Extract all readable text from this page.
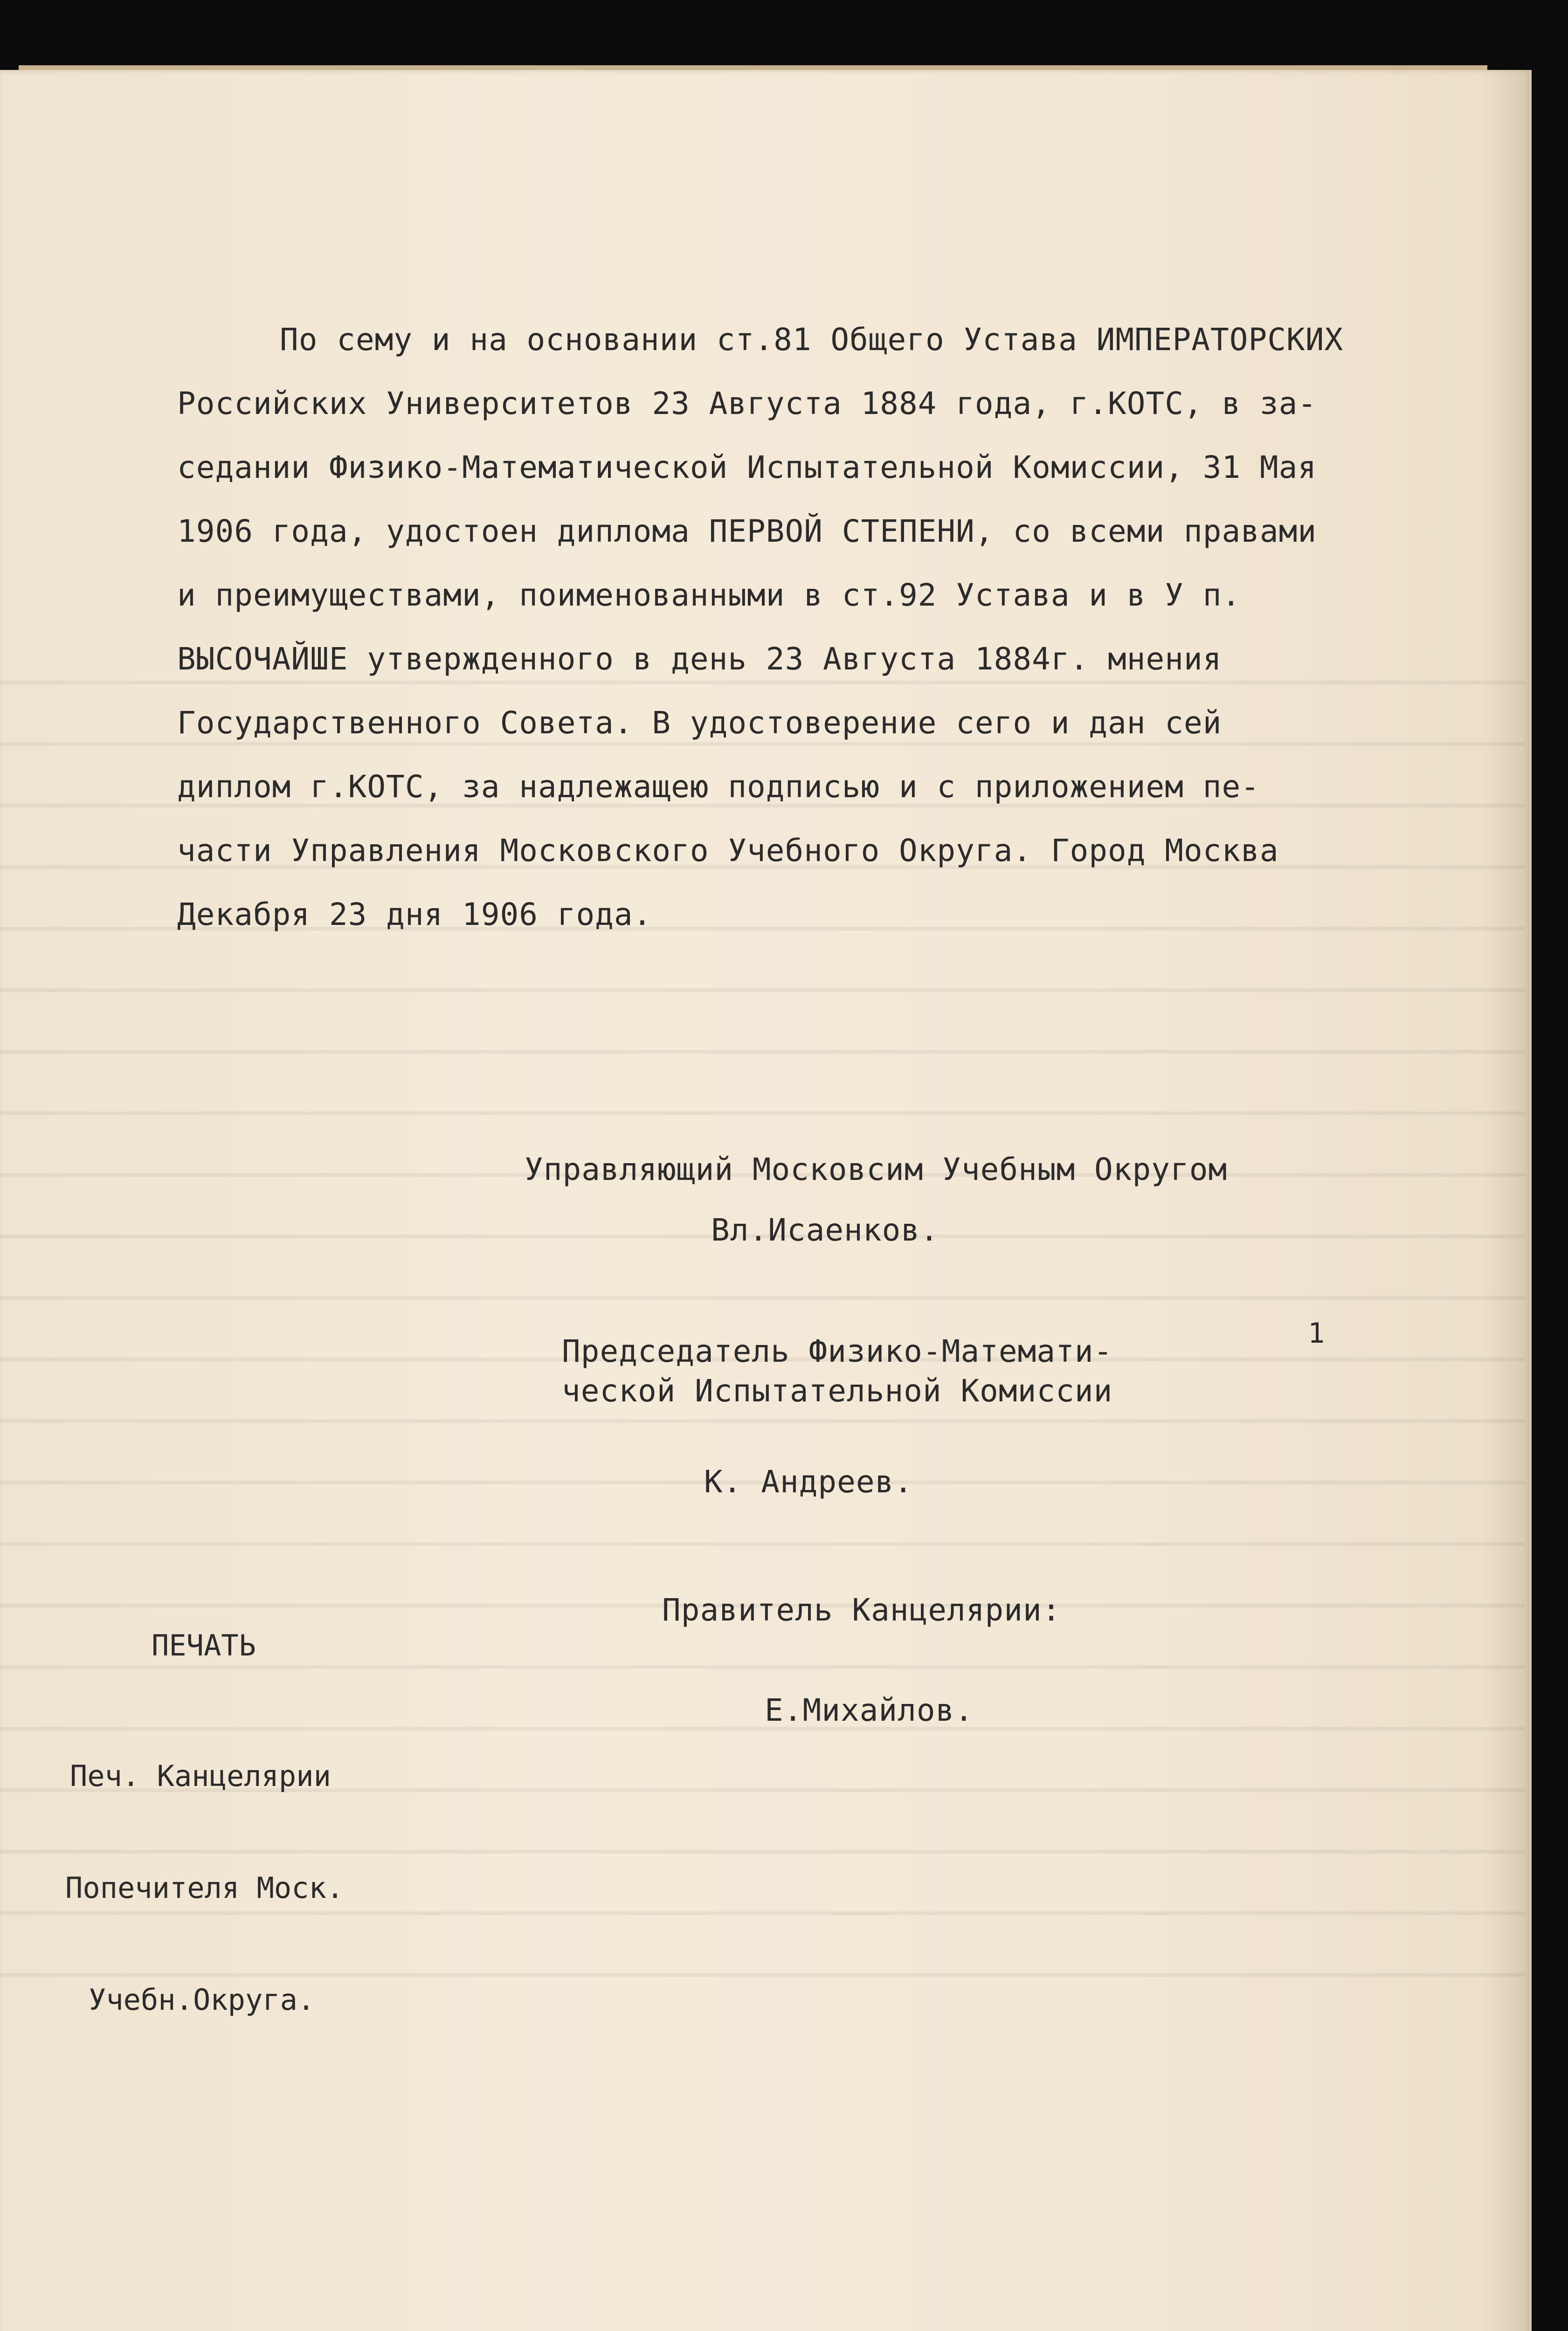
По сему и на основании ст.81 Общего Устава ИМПЕРАТОРСКИХ

Российских Университетов 23 Августа 1884 года, г.КОТС, в за-

седании Физико-Математической Испытательной Комиссии, 31 Мая

1906 года, удостоен диплома ПЕРВОЙ СТЕПЕНИ, со всеми правами

и преимуществами, поименованными в ст.92 Устава и в У п.

ВЫСОЧАЙШЕ утвержденного в день 23 Августа 1884г. мнения

Государственного Совета. В удостоверение сего и дан сей

диплом г.КОТС, за надлежащею подписью и с приложением пе-

части Управления Московского Учебного Округа. Город Москва

Декабря 23 дня 1906 года.

Управляющий Московсим Учебным Округом
Вл.Исаенков.
Председатель Физико-Математи-
ческой Испытательной Комиссии
К. Андреев.
Правитель Канцелярии:
Е.Михайлов.

ПЕЧАТЬ

Печ. Канцелярии

Попечителя Моск.

Учебн.Округа.

1
